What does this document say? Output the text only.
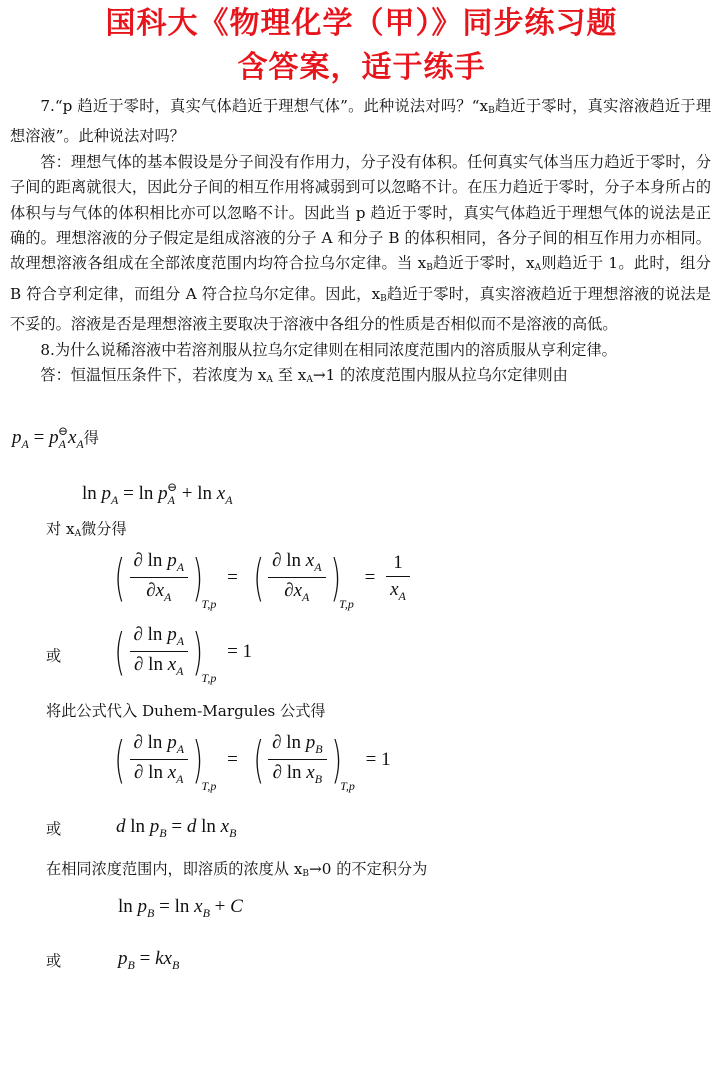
国科大《物理化学（甲）》同步练习题
含答案，适于练手

7.“p 趋近于零时，真实气体趋近于理想气体”。此种说法对吗？“$x_B$趋近于零时，真实溶液趋近于理想溶液”。此种说法对吗？

答：理想气体的基本假设是分子间没有作用力，分子没有体积。任何真实气体当压力趋近于零时，分子间的距离就很大，因此分子间的相互作用将减弱到可以忽略不计。在压力趋近于零时，分子本身所占的体积与与气体的体积相比亦可以忽略不计。因此当 p 趋近于零时，真实气体趋近于理想气体的说法是正确的。理想溶液的分子假定是组成溶液的分子 A 和分子 B 的体积相同，各分子间的相互作用力亦相同。故理想溶液各组成在全部浓度范围内均符合拉乌尔定律。当 xB趋近于零时，xA则趋近于 1。此时，组分 B 符合亨利定律，而组分 A 符合拉乌尔定律。因此，xB趋近于零时，真实溶液趋近于理想溶液的说法是不妥的。溶液是否是理想溶液主要取决于溶液中各组分的性质是否相似而不是溶液的高低。

8.为什么说稀溶液中若溶剂服从拉乌尔定律则在相同浓度范围内的溶质服从亨利定律。

答：恒温恒压条件下，若浓度为 xA 至 xA→1 的浓度范围内服从拉乌尔定律则由

$p_A = p_A^⊖x_A$得
$\ln p_A = \ln p_A^⊖ + \ln x_A$
对 xA微分得
( $\frac{\partial \ln p_A}{\partial x_A} )_{T,p}$ = ( $\frac{\partial \ln x_A}{\partial x_A} )_{T,p} = \frac{1}{x_A}$
或 ( $\frac{\partial \ln p_A}{\partial \ln x_A} )_{T,p} = 1$
将此公式代入 Duhem-Margules 公式得
( $\frac{\partial \ln p_A}{\partial \ln x_A} )_{T,p}$ = ( $\frac{\partial \ln p_B}{\partial \ln x_B} )_{T,p} = 1$
或	d $\ln p_B = d$ $\ln x_B$
在相同浓度范围内，即溶质的浓度从 xB→0 的不定积分为
$\ln p_B = \ln x_B + C$
或	$p_B = kx_B$
